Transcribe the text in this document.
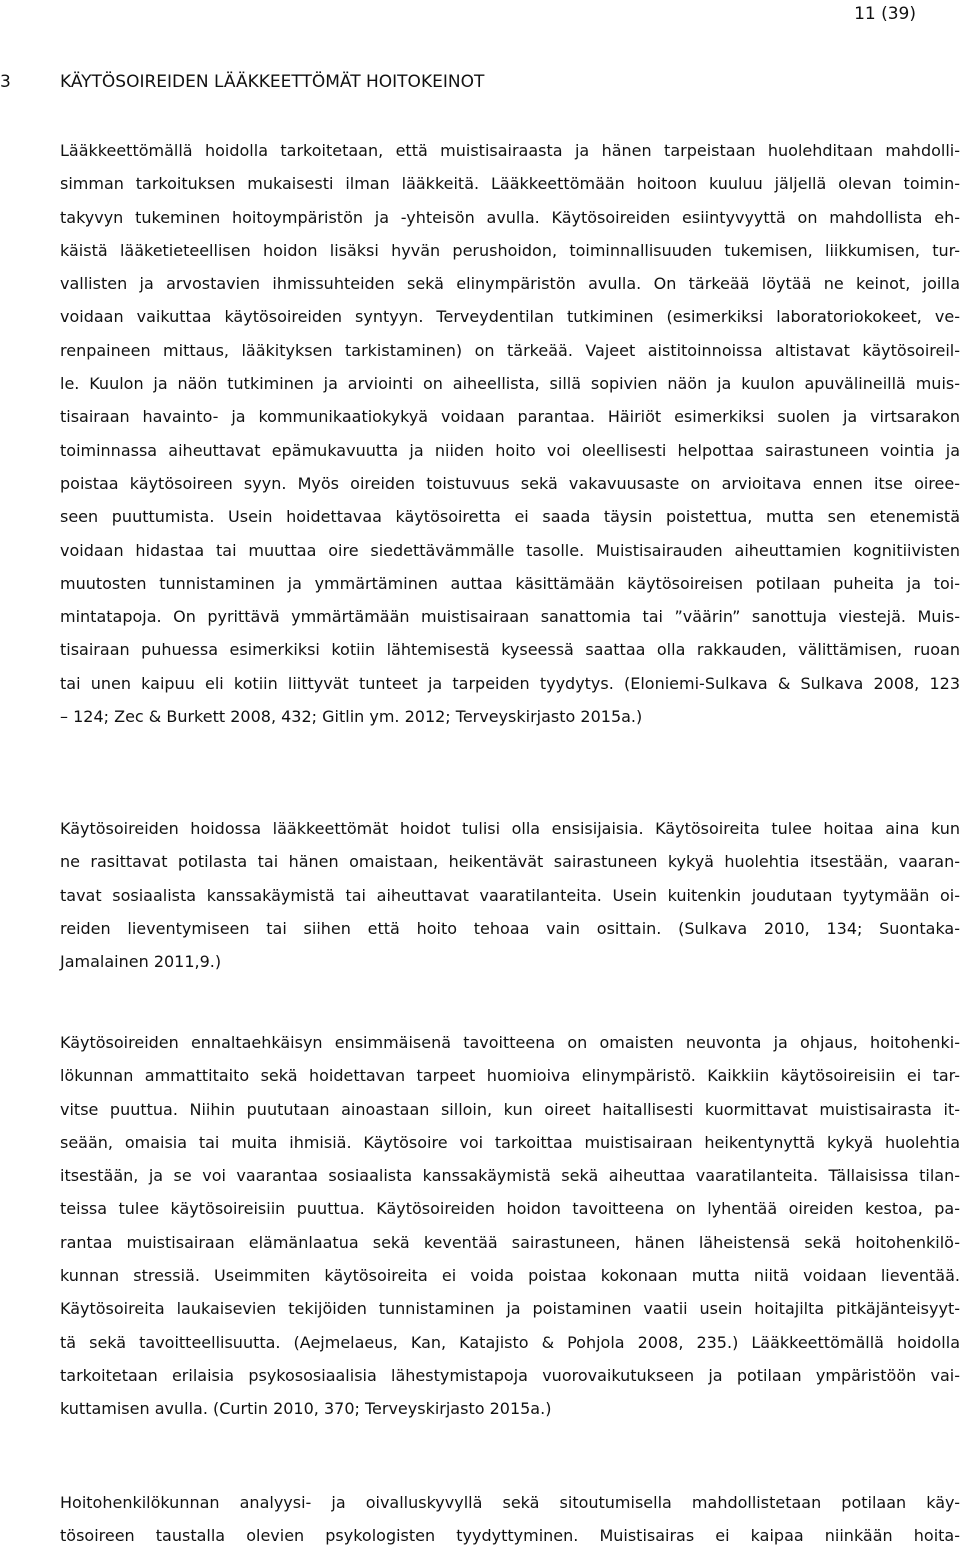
11 (39)
3	KÄYTÖSOIREIDEN LÄÄKKEETTÖMÄT HOITOKEINOT
Lääkkeettömällä hoidolla tarkoitetaan, että muistisairaasta ja hänen tarpeistaan huolehditaan mahdolli-
simman tarkoituksen mukaisesti ilman lääkkeitä. Lääkkeettömään hoitoon kuuluu jäljellä olevan toimin-
takyvyn tukeminen hoitoympäristön ja -yhteisön avulla. Käytösoireiden esiintyvyyttä on mahdollista eh-
käistä lääketieteellisen hoidon lisäksi hyvän perushoidon, toiminnallisuuden tukemisen, liikkumisen, tur-
vallisten ja arvostavien ihmissuhteiden sekä elinympäristön avulla. On tärkeää löytää ne keinot, joilla
voidaan vaikuttaa käytösoireiden syntyyn. Terveydentilan tutkiminen (esimerkiksi laboratoriokokeet, ve-
renpaineen mittaus, lääkityksen tarkistaminen) on tärkeää. Vajeet aistitoinnoissa altistavat käytösoireil-
le. Kuulon ja näön tutkiminen ja arviointi on aiheellista, sillä sopivien näön ja kuulon apuvälineillä muis-
tisairaan havainto- ja kommunikaatiokykyä voidaan parantaa. Häiriöt esimerkiksi suolen ja virtsarakon
toiminnassa aiheuttavat epämukavuutta ja niiden hoito voi oleellisesti helpottaa sairastuneen vointia ja
poistaa käytösoireen syyn. Myös oireiden toistuvuus sekä vakavuusaste on arvioitava ennen itse oiree-
seen puuttumista. Usein hoidettavaa käytösoiretta ei saada täysin poistettua, mutta sen etenemistä
voidaan hidastaa tai muuttaa oire siedettävämmälle tasolle. Muistisairauden aiheuttamien kognitiivisten
muutosten tunnistaminen ja ymmärtäminen auttaa käsittämään käytösoireisen potilaan puheita ja toi-
mintatapoja. On pyrittävä ymmärtämään muistisairaan sanattomia tai ”väärin” sanottuja viestejä. Muis-
tisairaan puhuessa esimerkiksi kotiin lähtemisestä kyseessä saattaa olla rakkauden, välittämisen, ruoan
tai unen kaipuu eli kotiin liittyvät tunteet ja tarpeiden tyydytys. (Eloniemi-Sulkava & Sulkava 2008, 123
– 124; Zec & Burkett 2008, 432; Gitlin ym. 2012; Terveyskirjasto 2015a.)
Käytösoireiden hoidossa lääkkeettömät hoidot tulisi olla ensisijaisia. Käytösoireita tulee hoitaa aina kun
ne rasittavat potilasta tai hänen omaistaan, heikentävät sairastuneen kykyä huolehtia itsestään, vaaran-
tavat sosiaalista kanssakäymistä tai aiheuttavat vaaratilanteita. Usein kuitenkin joudutaan tyytymään oi-
reiden lieventymiseen tai siihen että hoito tehoaa vain osittain. (Sulkava 2010, 134; Suontaka-
Jamalainen 2011,9.)
Käytösoireiden ennaltaehkäisyn ensimmäisenä tavoitteena on omaisten neuvonta ja ohjaus, hoitohenki-
lökunnan ammattitaito sekä hoidettavan tarpeet huomioiva elinympäristö. Kaikkiin käytösoireisiin ei tar-
vitse puuttua. Niihin puututaan ainoastaan silloin, kun oireet haitallisesti kuormittavat muistisairasta it-
seään, omaisia tai muita ihmisiä. Käytösoire voi tarkoittaa muistisairaan heikentynyttä kykyä huolehtia
itsestään, ja se voi vaarantaa sosiaalista kanssakäymistä sekä aiheuttaa vaaratilanteita. Tällaisissa tilan-
teissa tulee käytösoireisiin puuttua. Käytösoireiden hoidon tavoitteena on lyhentää oireiden kestoa, pa-
rantaa muistisairaan elämänlaatua sekä keventää sairastuneen, hänen läheistensä sekä hoitohenkilö-
kunnan stressiä. Useimmiten käytösoireita ei voida poistaa kokonaan mutta niitä voidaan lieventää.
Käytösoireita laukaisevien tekijöiden tunnistaminen ja poistaminen vaatii usein hoitajilta pitkäjänteisyyt-
tä sekä tavoitteellisuutta. (Aejmelaeus, Kan, Katajisto & Pohjola 2008, 235.) Lääkkeettömällä hoidolla
tarkoitetaan erilaisia psykososiaalisia lähestymistapoja vuorovaikutukseen ja potilaan ympäristöön vai-
kuttamisen avulla. (Curtin 2010, 370; Terveyskirjasto 2015a.)
Hoitohenkilökunnan analyysi- ja oivalluskyvyllä sekä sitoutumisella mahdollistetaan potilaan käy-
tösoireen taustalla olevien psykologisten tyydyttyminen. Muistisairas ei kaipaa niinkään hoita-
